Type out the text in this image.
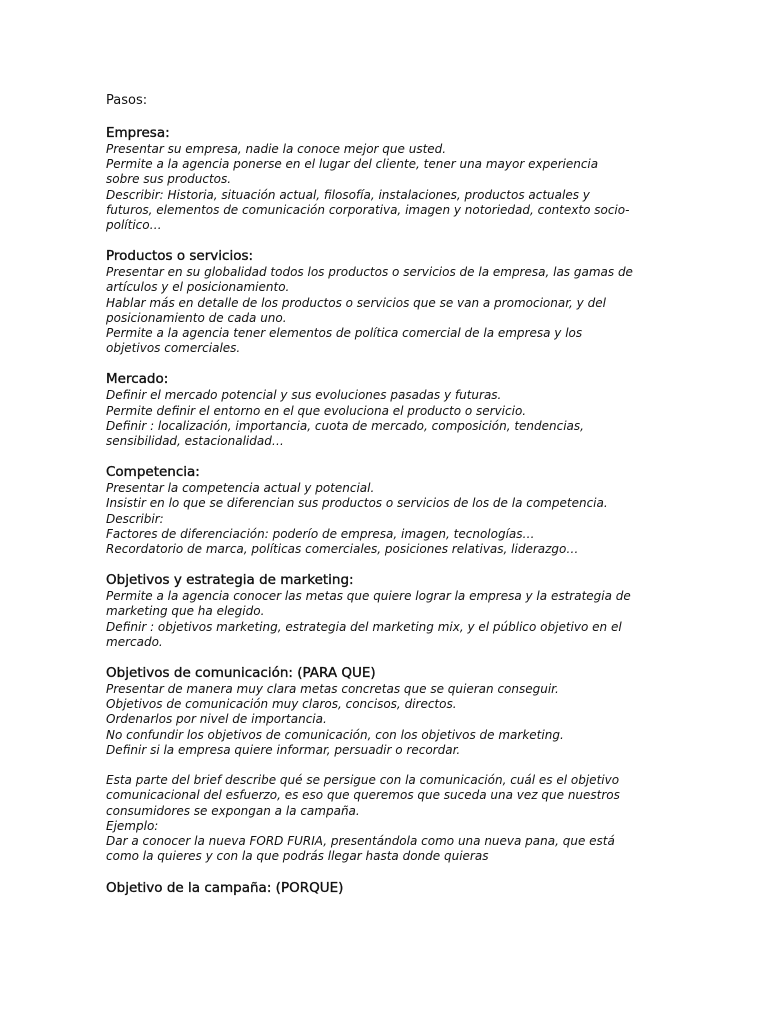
Pasos:

Empresa:

Presentar su empresa, nadie la conoce mejor que usted.
Permite a la agencia ponerse en el lugar del cliente, tener una mayor experiencia
sobre sus productos.
Describir: Historia, situación actual, filosofía, instalaciones, productos actuales y
futuros, elementos de comunicación corporativa, imagen y notoriedad, contexto socio-
político…

Productos o servicios:

Presentar en su globalidad todos los productos o servicios de la empresa, las gamas de
artículos y el posicionamiento.
Hablar más en detalle de los productos o servicios que se van a promocionar, y del
posicionamiento de cada uno.
Permite a la agencia tener elementos de política comercial de la empresa y los
objetivos comerciales.

Mercado:

Definir el mercado potencial y sus evoluciones pasadas y futuras.
Permite definir el entorno en el que evoluciona el producto o servicio.
Definir : localización, importancia, cuota de mercado, composición, tendencias,
sensibilidad, estacionalidad…

Competencia:

Presentar la competencia actual y potencial.
Insistir en lo que se diferencian sus productos o servicios de los de la competencia.
Describir:
Factores de diferenciación: poderío de empresa, imagen, tecnologías…
Recordatorio de marca, políticas comerciales, posiciones relativas, liderazgo…

Objetivos y estrategia de marketing:

Permite a la agencia conocer las metas que quiere lograr la empresa y la estrategia de
marketing que ha elegido.
Definir : objetivos marketing, estrategia del marketing mix, y el público objetivo en el
mercado.

Objetivos de comunicación: (PARA QUE)

Presentar de manera muy clara metas concretas que se quieran conseguir.
Objetivos de comunicación muy claros, concisos, directos.
Ordenarlos por nivel de importancia.
No confundir los objetivos de comunicación, con los objetivos de marketing.
Definir si la empresa quiere informar, persuadir o recordar.

Esta parte del brief describe qué se persigue con la comunicación, cuál es el objetivo
comunicacional del esfuerzo, es eso que queremos que suceda una vez que nuestros
consumidores se expongan a la campaña.
Ejemplo:
Dar a conocer la nueva FORD FURIA, presentándola como una nueva pana, que está
como la quieres y con la que podrás llegar hasta donde quieras

Objetivo de la campaña: (PORQUE)
